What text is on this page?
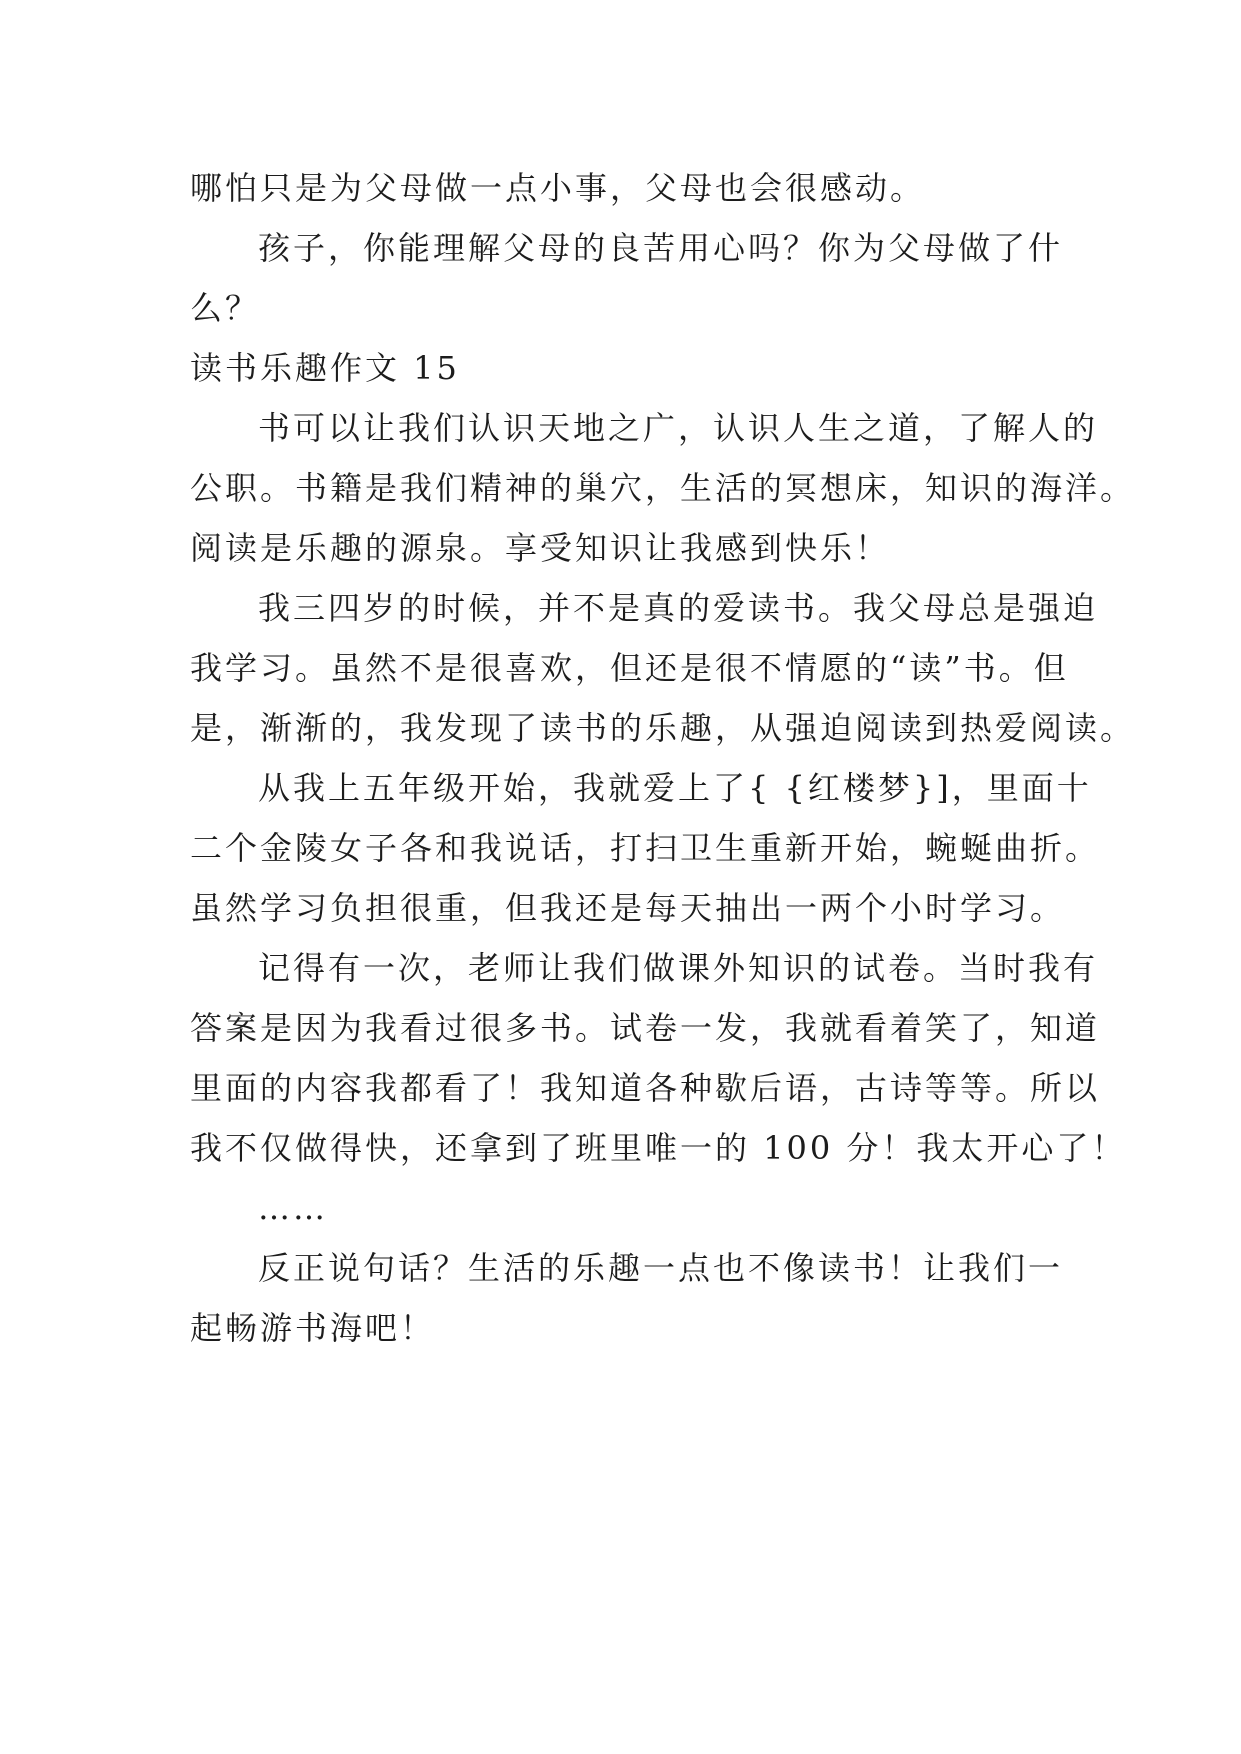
哪怕只是为父母做一点小事，父母也会很感动。
孩子，你能理解父母的良苦用心吗？你为父母做了什
么？
读书乐趣作文 15
书可以让我们认识天地之广，认识人生之道，了解人的
公职。书籍是我们精神的巢穴，生活的冥想床，知识的海洋。
阅读是乐趣的源泉。享受知识让我感到快乐！
我三四岁的时候，并不是真的爱读书。我父母总是强迫
我学习。虽然不是很喜欢，但还是很不情愿的“读”书。但
是，渐渐的，我发现了读书的乐趣，从强迫阅读到热爱阅读。
从我上五年级开始，我就爱上了{ {红楼梦}]，里面十
二个金陵女子各和我说话，打扫卫生重新开始，蜿蜒曲折。
虽然学习负担很重，但我还是每天抽出一两个小时学习。
记得有一次，老师让我们做课外知识的试卷。当时我有
答案是因为我看过很多书。试卷一发，我就看着笑了，知道
里面的内容我都看了！我知道各种歇后语，古诗等等。所以
我不仅做得快，还拿到了班里唯一的 100 分！我太开心了！
……
反正说句话？生活的乐趣一点也不像读书！让我们一
起畅游书海吧！
